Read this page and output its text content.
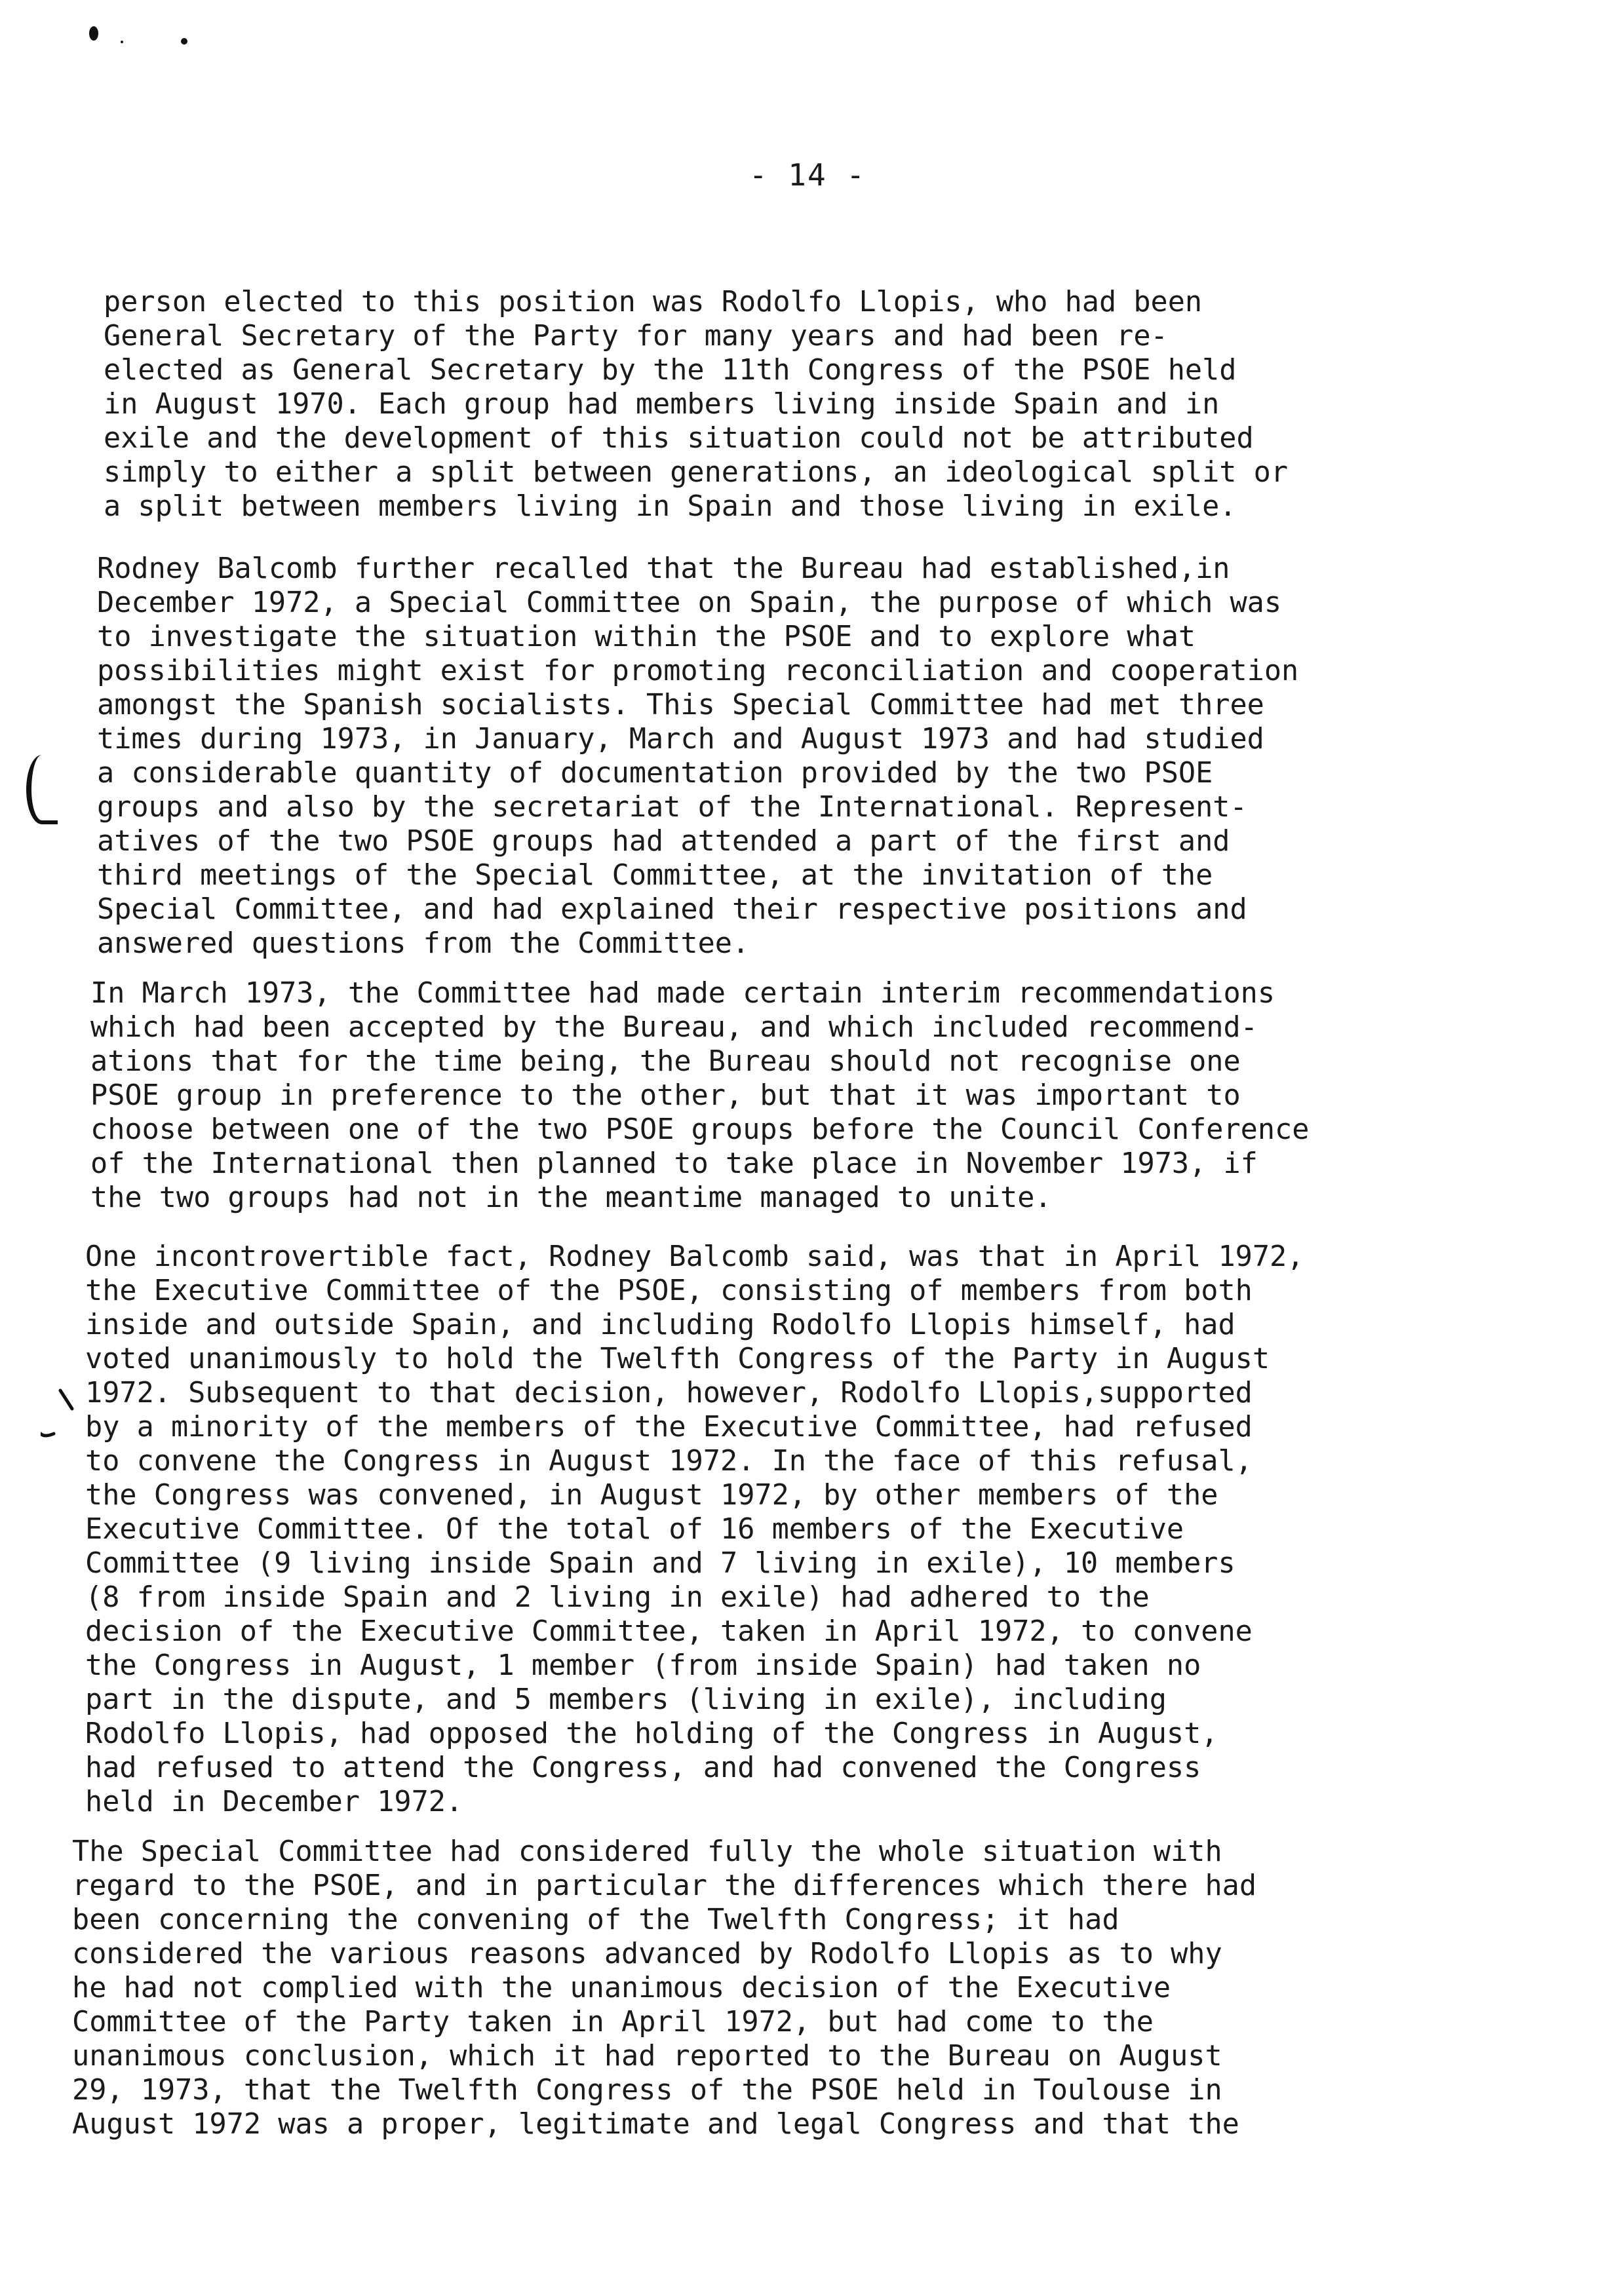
- 14 -
person elected to this position was Rodolfo Llopis, who had been
General Secretary of the Party for many years and had been re-
elected as General Secretary by the 11th Congress of the PSOE held
in August 1970. Each group had members living inside Spain and in
exile and the development of this situation could not be attributed
simply to either a split between generations, an ideological split or
a split between members living in Spain and those living in exile.
Rodney Balcomb further recalled that the Bureau had established,in
December 1972, a Special Committee on Spain, the purpose of which was
to investigate the situation within the PSOE and to explore what
possibilities might exist for promoting reconciliation and cooperation
amongst the Spanish socialists. This Special Committee had met three
times during 1973, in January, March and August 1973 and had studied
a considerable quantity of documentation provided by the two PSOE
groups and also by the secretariat of the International. Represent-
atives of the two PSOE groups had attended a part of the first and
third meetings of the Special Committee, at the invitation of the
Special Committee, and had explained their respective positions and
answered questions from the Committee.
In March 1973, the Committee had made certain interim recommendations
which had been accepted by the Bureau, and which included recommend-
ations that for the time being, the Bureau should not recognise one
PSOE group in preference to the other, but that it was important to
choose between one of the two PSOE groups before the Council Conference
of the International then planned to take place in November 1973, if
the two groups had not in the meantime managed to unite.
One incontrovertible fact, Rodney Balcomb said, was that in April 1972,
the Executive Committee of the PSOE, consisting of members from both
inside and outside Spain, and including Rodolfo Llopis himself, had
voted unanimously to hold the Twelfth Congress of the Party in August
1972. Subsequent to that decision, however, Rodolfo Llopis,supported
by a minority of the members of the Executive Committee, had refused
to convene the Congress in August 1972. In the face of this refusal,
the Congress was convened, in August 1972, by other members of the
Executive Committee. Of the total of 16 members of the Executive
Committee (9 living inside Spain and 7 living in exile), 10 members
(8 from inside Spain and 2 living in exile) had adhered to the
decision of the Executive Committee, taken in April 1972, to convene
the Congress in August, 1 member (from inside Spain) had taken no
part in the dispute, and 5 members (living in exile), including
Rodolfo Llopis, had opposed the holding of the Congress in August,
had refused to attend the Congress, and had convened the Congress
held in December 1972.
The Special Committee had considered fully the whole situation with
regard to the PSOE, and in particular the differences which there had
been concerning the convening of the Twelfth Congress; it had
considered the various reasons advanced by Rodolfo Llopis as to why
he had not complied with the unanimous decision of the Executive
Committee of the Party taken in April 1972, but had come to the
unanimous conclusion, which it had reported to the Bureau on August
29, 1973, that the Twelfth Congress of the PSOE held in Toulouse in
August 1972 was a proper, legitimate and legal Congress and that the
